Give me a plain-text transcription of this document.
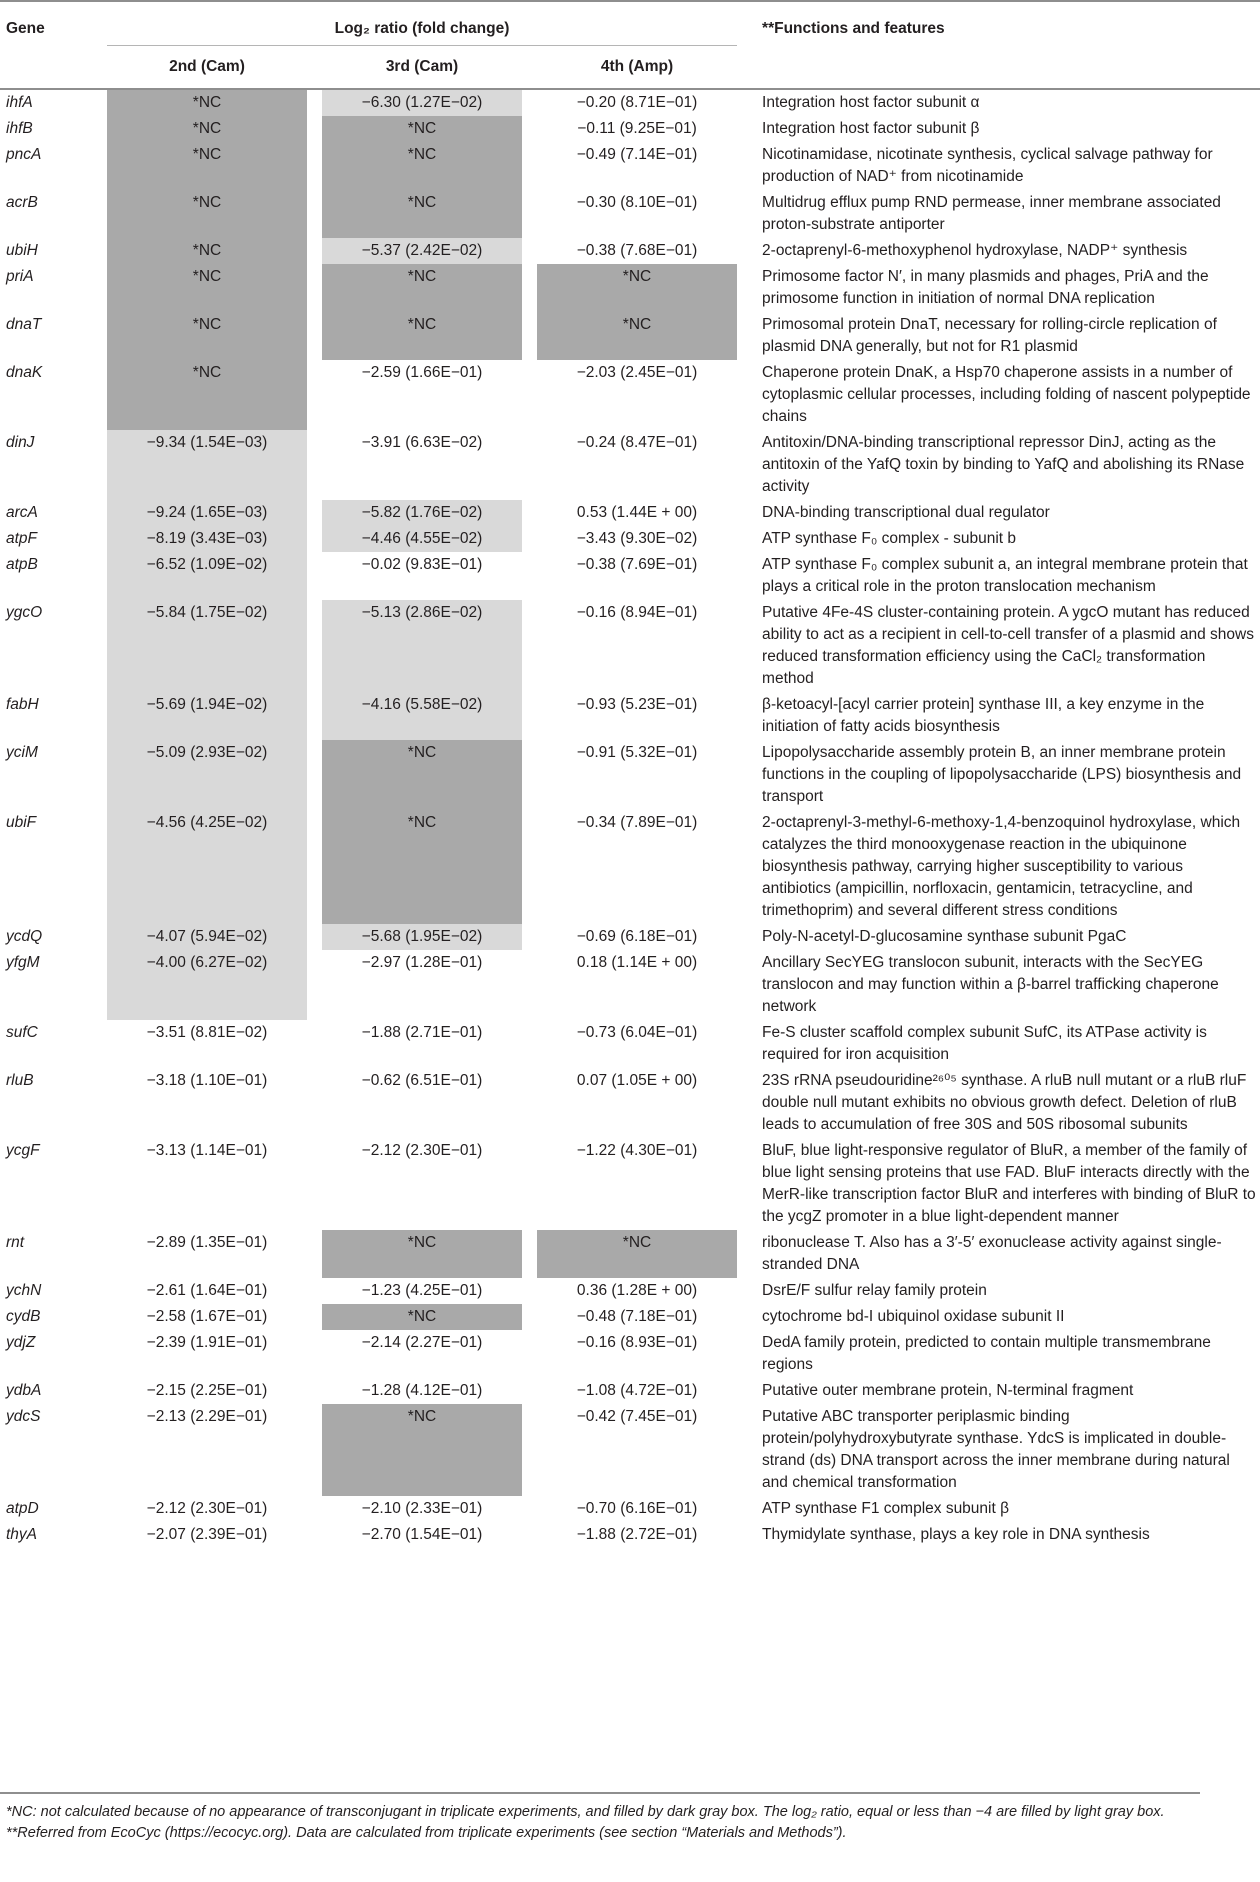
Gene		Log₂ ratio (fold change)						**Functions and features

		2nd (Cam)		3rd (Cam)		4th (Amp)		

ihfA		*NC		−6.30 (1.27E−02)		−0.20 (8.71E−01)		Integration host factor subunit α
ihfB		*NC		*NC		−0.11 (9.25E−01)		Integration host factor subunit β
pncA		*NC		*NC		−0.49 (7.14E−01)		Nicotinamidase, nicotinate synthesis, cyclical salvage pathway for production of NAD⁺ from nicotinamide
acrB		*NC		*NC		−0.30 (8.10E−01)		Multidrug efflux pump RND permease, inner membrane associated proton-substrate antiporter
ubiH		*NC		−5.37 (2.42E−02)		−0.38 (7.68E−01)		2-octaprenyl-6-methoxyphenol hydroxylase, NADP⁺ synthesis
priA		*NC		*NC		*NC		Primosome factor N′, in many plasmids and phages, PriA and the primosome function in initiation of normal DNA replication
dnaT		*NC		*NC		*NC		Primosomal protein DnaT, necessary for rolling-circle replication of plasmid DNA generally, but not for R1 plasmid
dnaK		*NC		−2.59 (1.66E−01)		−2.03 (2.45E−01)		Chaperone protein DnaK, a Hsp70 chaperone assists in a number of cytoplasmic cellular processes, including folding of nascent polypeptide chains
dinJ		−9.34 (1.54E−03)		−3.91 (6.63E−02)		−0.24 (8.47E−01)		Antitoxin/DNA-binding transcriptional repressor DinJ, acting as the antitoxin of the YafQ toxin by binding to YafQ and abolishing its RNase activity
arcA		−9.24 (1.65E−03)		−5.82 (1.76E−02)		0.53 (1.44E + 00)		DNA-binding transcriptional dual regulator
atpF		−8.19 (3.43E−03)		−4.46 (4.55E−02)		−3.43 (9.30E−02)		ATP synthase F₀ complex - subunit b
atpB		−6.52 (1.09E−02)		−0.02 (9.83E−01)		−0.38 (7.69E−01)		ATP synthase F₀ complex subunit a, an integral membrane protein that plays a critical role in the proton translocation mechanism
ygcO		−5.84 (1.75E−02)		−5.13 (2.86E−02)		−0.16 (8.94E−01)		Putative 4Fe-4S cluster-containing protein. A ygcO mutant has reduced ability to act as a recipient in cell-to-cell transfer of a plasmid and shows reduced transformation efficiency using the CaCl₂ transformation method
fabH		−5.69 (1.94E−02)		−4.16 (5.58E−02)		−0.93 (5.23E−01)		β-ketoacyl-[acyl carrier protein] synthase III, a key enzyme in the initiation of fatty acids biosynthesis
yciM		−5.09 (2.93E−02)		*NC		−0.91 (5.32E−01)		Lipopolysaccharide assembly protein B, an inner membrane protein functions in the coupling of lipopolysaccharide (LPS) biosynthesis and transport
ubiF		−4.56 (4.25E−02)		*NC		−0.34 (7.89E−01)		2-octaprenyl-3-methyl-6-methoxy-1,4-benzoquinol hydroxylase, which catalyzes the third monooxygenase reaction in the ubiquinone biosynthesis pathway, carrying higher susceptibility to various antibiotics (ampicillin, norfloxacin, gentamicin, tetracycline, and trimethoprim) and several different stress conditions
ycdQ		−4.07 (5.94E−02)		−5.68 (1.95E−02)		−0.69 (6.18E−01)		Poly-N-acetyl-D-glucosamine synthase subunit PgaC
yfgM		−4.00 (6.27E−02)		−2.97 (1.28E−01)		0.18 (1.14E + 00)		Ancillary SecYEG translocon subunit, interacts with the SecYEG translocon and may function within a β-barrel trafficking chaperone network
sufC		−3.51 (8.81E−02)		−1.88 (2.71E−01)		−0.73 (6.04E−01)		Fe-S cluster scaffold complex subunit SufC, its ATPase activity is required for iron acquisition
rluB		−3.18 (1.10E−01)		−0.62 (6.51E−01)		0.07 (1.05E + 00)		23S rRNA pseudouridine²⁶⁰⁵ synthase. A rluB null mutant or a rluB rluF double null mutant exhibits no obvious growth defect. Deletion of rluB leads to accumulation of free 30S and 50S ribosomal subunits
ycgF		−3.13 (1.14E−01)		−2.12 (2.30E−01)		−1.22 (4.30E−01)		BluF, blue light-responsive regulator of BluR, a member of the family of blue light sensing proteins that use FAD. BluF interacts directly with the MerR-like transcription factor BluR and interferes with binding of BluR to the ycgZ promoter in a blue light-dependent manner
rnt		−2.89 (1.35E−01)		*NC		*NC		ribonuclease T. Also has a 3′-5′ exonuclease activity against single-stranded DNA
ychN		−2.61 (1.64E−01)		−1.23 (4.25E−01)		0.36 (1.28E + 00)		DsrE/F sulfur relay family protein
cydB		−2.58 (1.67E−01)		*NC		−0.48 (7.18E−01)		cytochrome bd-I ubiquinol oxidase subunit II
ydjZ		−2.39 (1.91E−01)		−2.14 (2.27E−01)		−0.16 (8.93E−01)		DedA family protein, predicted to contain multiple transmembrane regions
ydbA		−2.15 (2.25E−01)		−1.28 (4.12E−01)		−1.08 (4.72E−01)		Putative outer membrane protein, N-terminal fragment
ydcS		−2.13 (2.29E−01)		*NC		−0.42 (7.45E−01)		Putative ABC transporter periplasmic binding protein/polyhydroxybutyrate synthase. YdcS is implicated in double-strand (ds) DNA transport across the inner membrane during natural and chemical transformation
atpD		−2.12 (2.30E−01)		−2.10 (2.33E−01)		−0.70 (6.16E−01)		ATP synthase F1 complex subunit β
thyA		−2.07 (2.39E−01)		−2.70 (1.54E−01)		−1.88 (2.72E−01)		Thymidylate synthase, plays a key role in DNA synthesis
*NC: not calculated because of no appearance of transconjugant in triplicate experiments, and filled by dark gray box. The log₂ ratio, equal or less than −4 are filled by light gray box. **Referred from EcoCyc (https://ecocyc.org). Data are calculated from triplicate experiments (see section “Materials and Methods”).
